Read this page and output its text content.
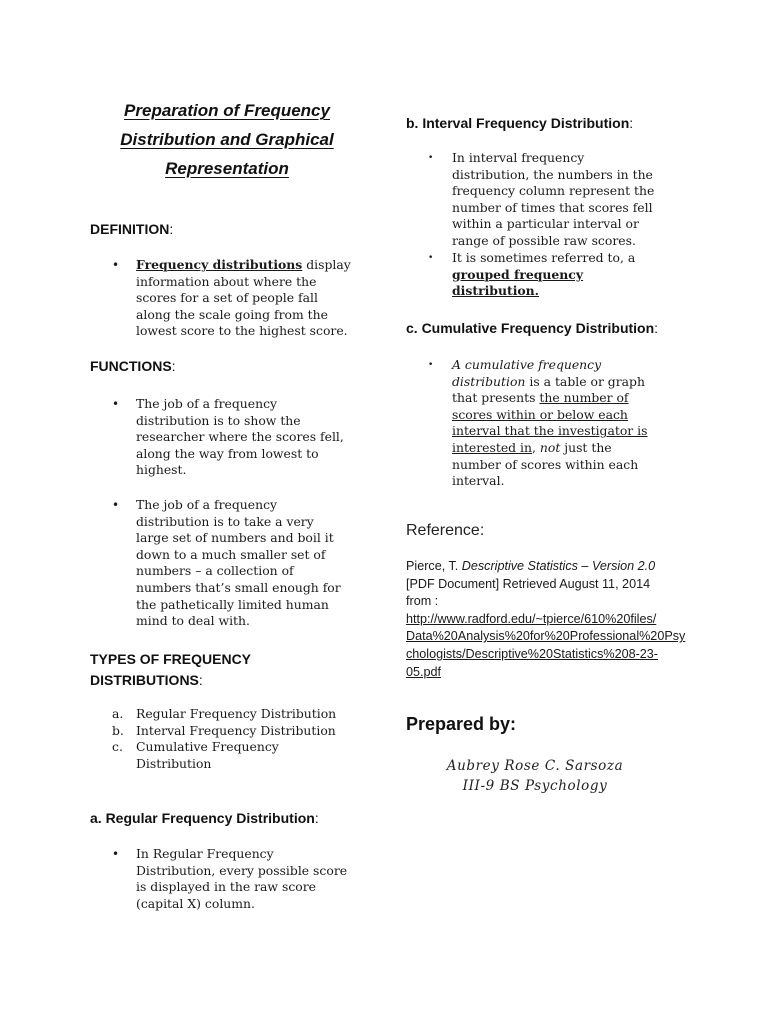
Preparation of Frequency
Distribution and Graphical
Representation
DEFINITION:
• Frequency distributions display
information about where the
scores for a set of people fall
along the scale going from the
lowest score to the highest score.
FUNCTIONS:
• The job of a frequency
distribution is to show the
researcher where the scores fell,
along the way from lowest to
highest.
• The job of a frequency
distribution is to take a very
large set of numbers and boil it
down to a much smaller set of
numbers – a collection of
numbers that’s small enough for
the pathetically limited human
mind to deal with.
TYPES OF FREQUENCY
DISTRIBUTIONS:
a. Regular Frequency Distribution
b. Interval Frequency Distribution
c. Cumulative Frequency
Distribution
a. Regular Frequency Distribution:
• In Regular Frequency
Distribution, every possible score
is displayed in the raw score
(capital X) column.
b. Interval Frequency Distribution:
• In interval frequency
distribution, the numbers in the
frequency column represent the
number of times that scores fell
within a particular interval or
range of possible raw scores.
• It is sometimes referred to, a
grouped frequency
distribution.
c. Cumulative Frequency Distribution:
• A cumulative frequency
distribution is a table or graph
that presents the number of
scores within or below each
interval that the investigator is
interested in, not just the
number of scores within each
interval.
Reference:
Pierce, T. Descriptive Statistics – Version 2.0
[PDF Document] Retrieved August 11, 2014
from :
http://www.radford.edu/~tpierce/610%20files/
Data%20Analysis%20for%20Professional%20Psy
chologists/Descriptive%20Statistics%208-23-
05.pdf
Prepared by:
Aubrey Rose C. Sarsoza
III-9 BS Psychology
